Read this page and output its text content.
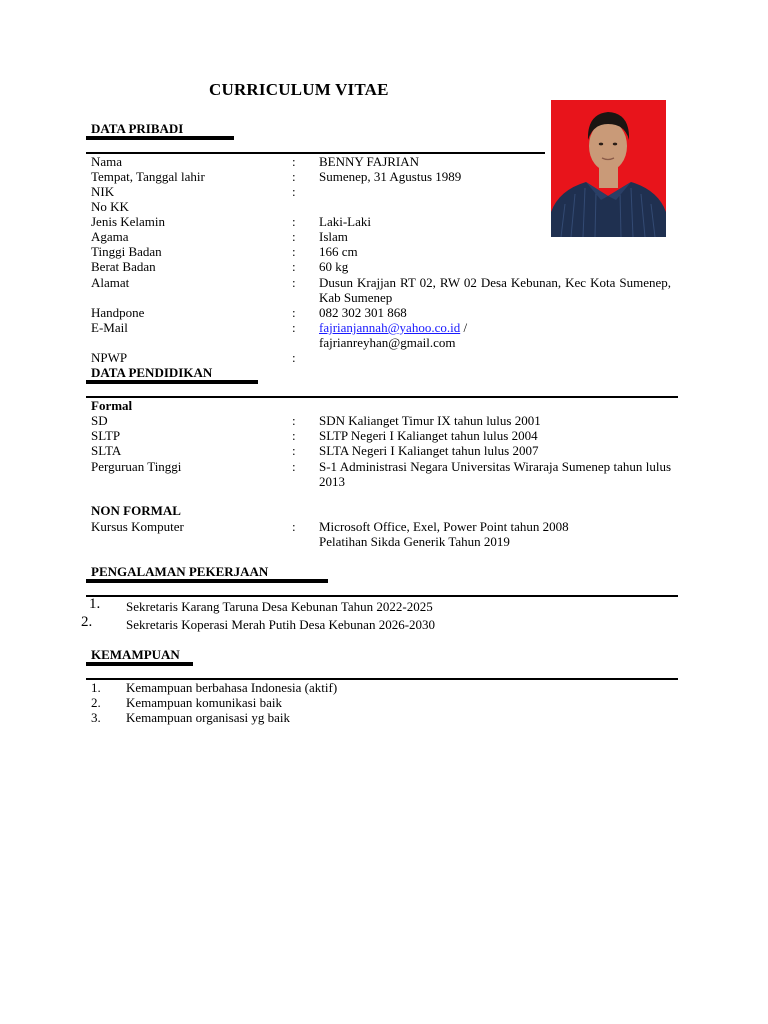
CURRICULUM VITAE
DATA PRIBADI
Nama	: BENNY FAJRIAN
Tempat, Tanggal lahir	: Sumenep, 31 Agustus 1989
NIK	:
No KK
Jenis Kelamin	: Laki-Laki
Agama	: Islam
Tinggi Badan	: 166 cm
Berat Badan	: 60 kg
Alamat	: Dusun Krajjan RT 02, RW 02 Desa Kebunan, Kec Kota Sumenep, Kab Sumenep
Handpone	: 082 302 301 868
E-Mail	: fajrianjannah@yahoo.co.id /
fajrianreyhan@gmail.com
NPWP	:
DATA PENDIDIKAN
Formal
SD	: SDN Kalianget Timur IX tahun lulus 2001
SLTP	: SLTP Negeri I Kalianget tahun lulus 2004
SLTA	: SLTA Negeri I Kalianget tahun lulus 2007
Perguruan Tinggi	: S-1 Administrasi Negara Universitas Wiraraja Sumenep tahun lulus 2013
NON FORMAL
Kursus Komputer	: Microsoft Office, Exel, Power Point tahun 2008
Pelatihan Sikda Generik Tahun 2019
PENGALAMAN PEKERJAAN
1. Sekretaris Karang Taruna Desa Kebunan Tahun 2022-2025
2.	Sekretaris Koperasi Merah Putih Desa Kebunan 2026-2030
KEMAMPUAN
1. Kemampuan berbahasa Indonesia (aktif)
2. Kemampuan komunikasi baik
3. Kemampuan organisasi yg baik
